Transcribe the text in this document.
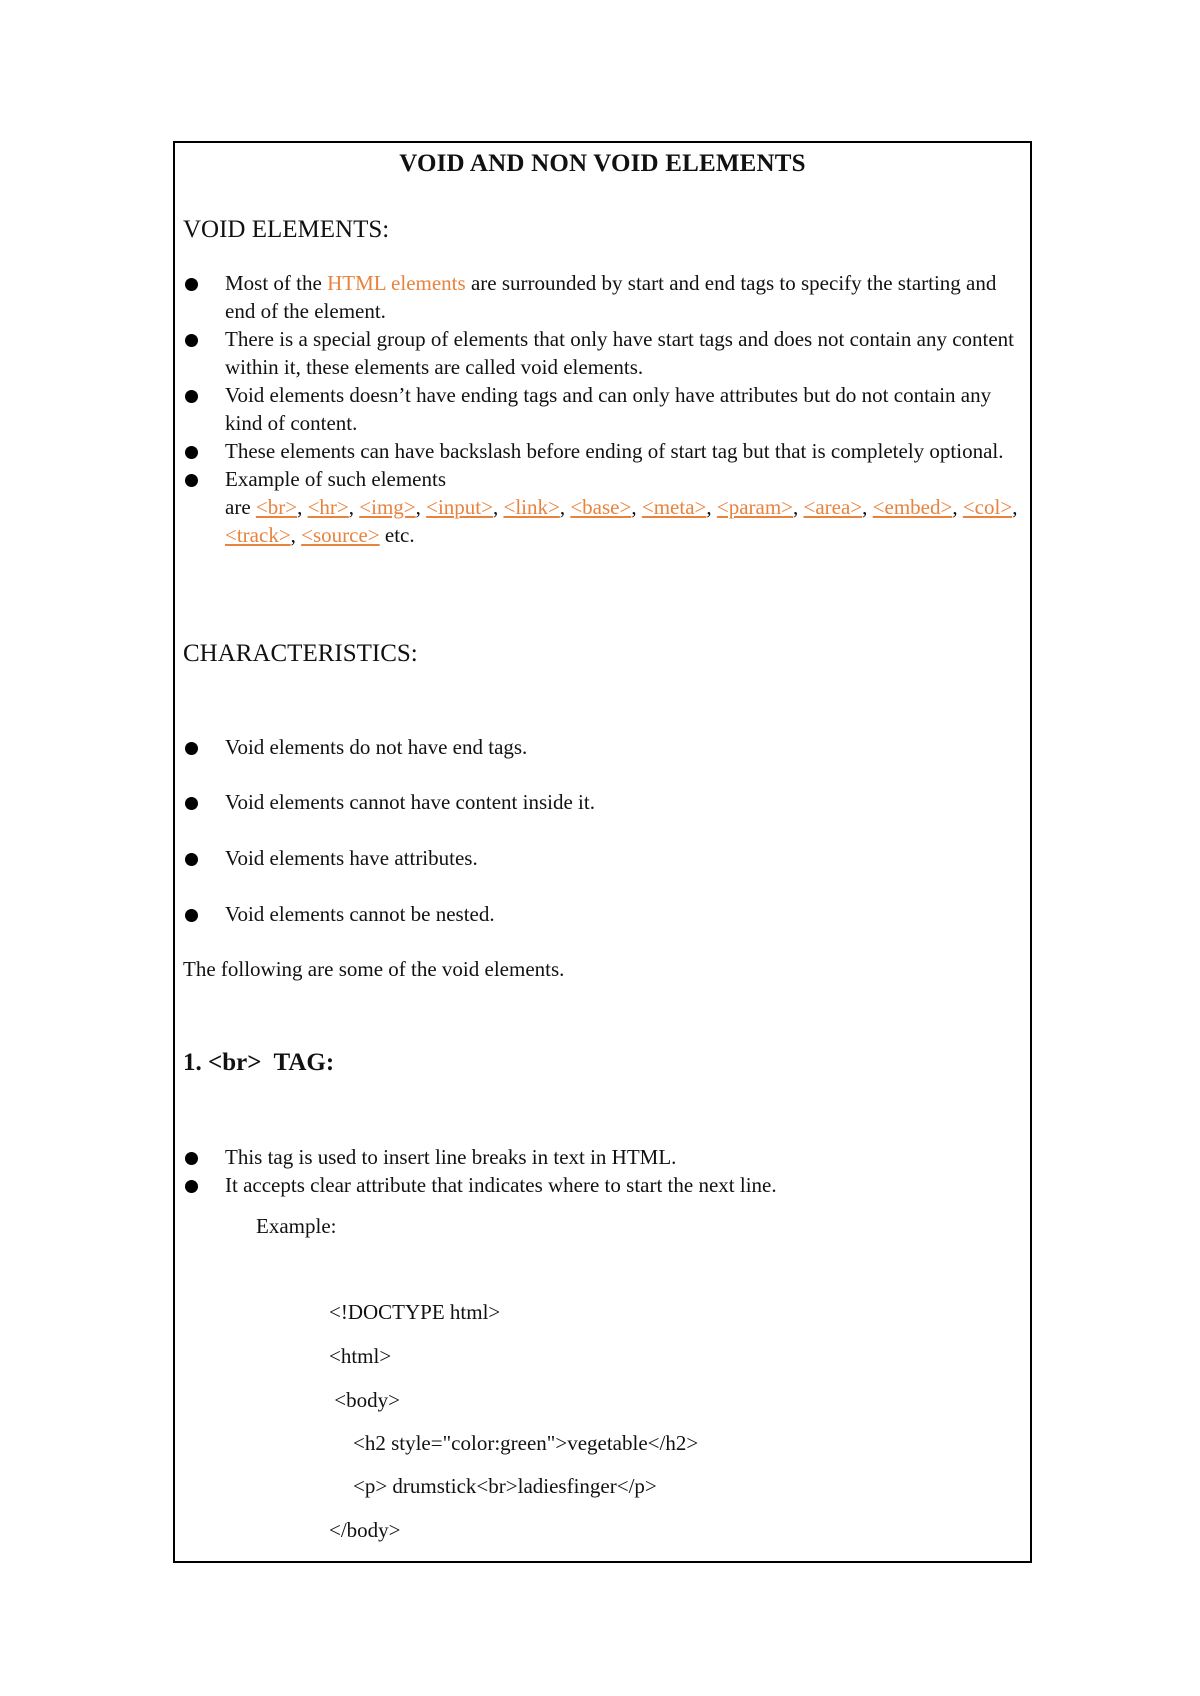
VOID AND NON VOID ELEMENTS
VOID ELEMENTS:
Most of the HTML elements are surrounded by start and end tags to specify the starting and end of the element.
There is a special group of elements that only have start tags and does not contain any content within it, these elements are called void elements.
Void elements doesn’t have ending tags and can only have attributes but do not contain any kind of content.
These elements can have backslash before ending of start tag but that is completely optional.
Example of such elements
are <br>, <hr>, <img>, <input>, <link>, <base>, <meta>, <param>, <area>, <embed>, <col>, <track>, <source> etc.
CHARACTERISTICS:
Void elements do not have end tags.
Void elements cannot have content inside it.
Void elements have attributes.
Void elements cannot be nested.
The following are some of the void elements.
1. <br>  TAG:
This tag is used to insert line breaks in text in HTML.
It accepts clear attribute that indicates where to start the next line.
Example:
<!DOCTYPE html>
<html>
<body>
<h2 style="color:green">vegetable</h2>
<p> drumstick<br>ladiesfinger</p>
</body>
